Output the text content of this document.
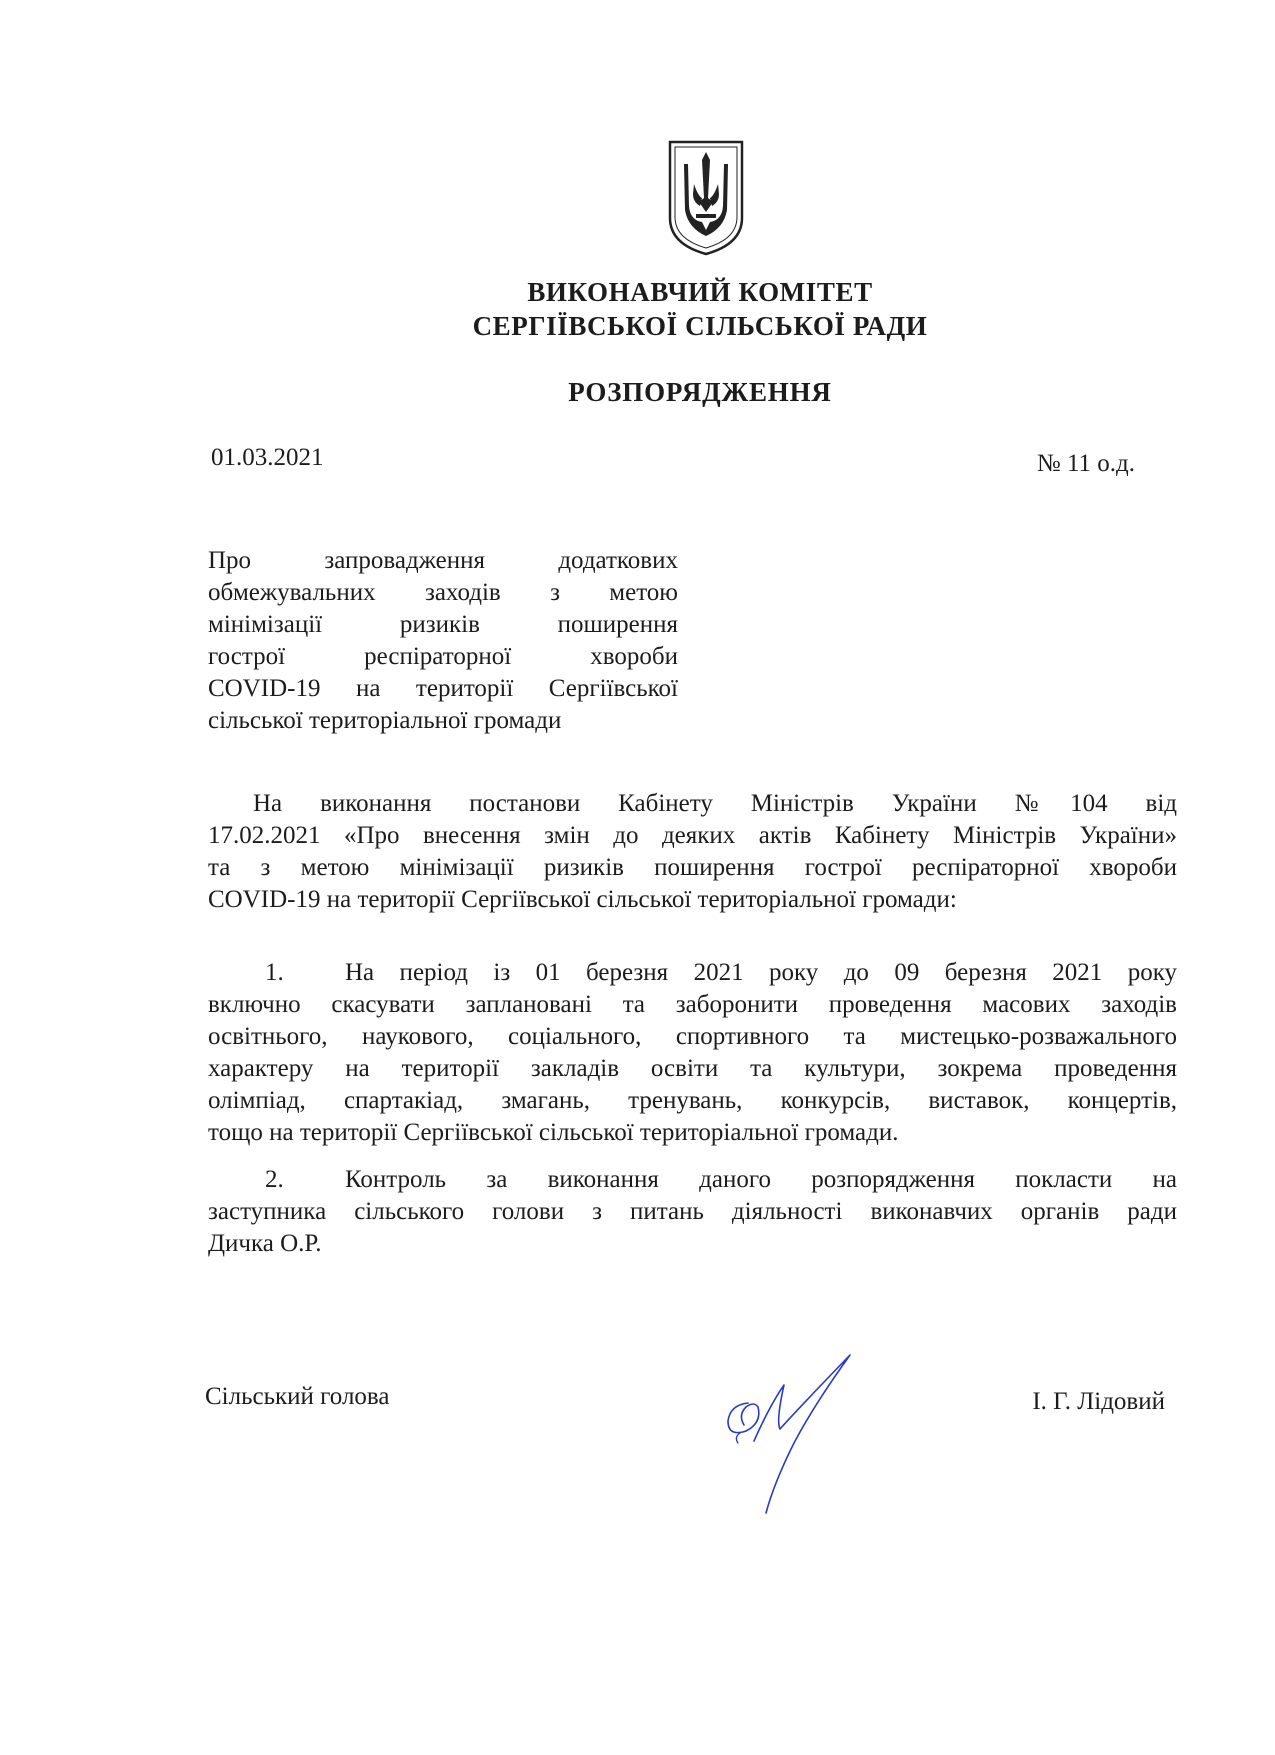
ВИКОНАВЧИЙ КОМІТЕТ
СЕРГІЇВСЬКОЇ СІЛЬСЬКОЇ РАДИ
РОЗПОРЯДЖЕННЯ
01.03.2021	№ 11 о.д.
Про запровадження додаткових
обмежувальних заходів з метою
мінімізації ризиків поширення
гострої респіраторної хвороби
COVID-19 на території Сергіївської
сільської територіальної громади
На виконання постанови Кабінету Міністрів України №104 від
17.02.2021 «Про внесення змін до деяких актів Кабінету Міністрів України»
та з метою мінімізації ризиків поширення гострої респіраторної хвороби
COVID-19 на території Сергіївської сільської територіальної громади:
1.	На період із 01 березня 2021 року до 09 березня 2021 року
включно скасувати заплановані та заборонити проведення масових заходів
освітнього, наукового, соціального, спортивного та мистецько-розважального
характеру на території закладів освіти та культури, зокрема проведення
олімпіад, спартакіад, змагань, тренувань, конкурсів, виставок, концертів,
тощо на території Сергіївської сільської територіальної громади.
2.	Контроль за виконання даного розпорядження покласти на
заступника сільського голови з питань діяльності виконавчих органів ради
Дичка О.Р.
Сільський голова	І. Г. Лідовий
